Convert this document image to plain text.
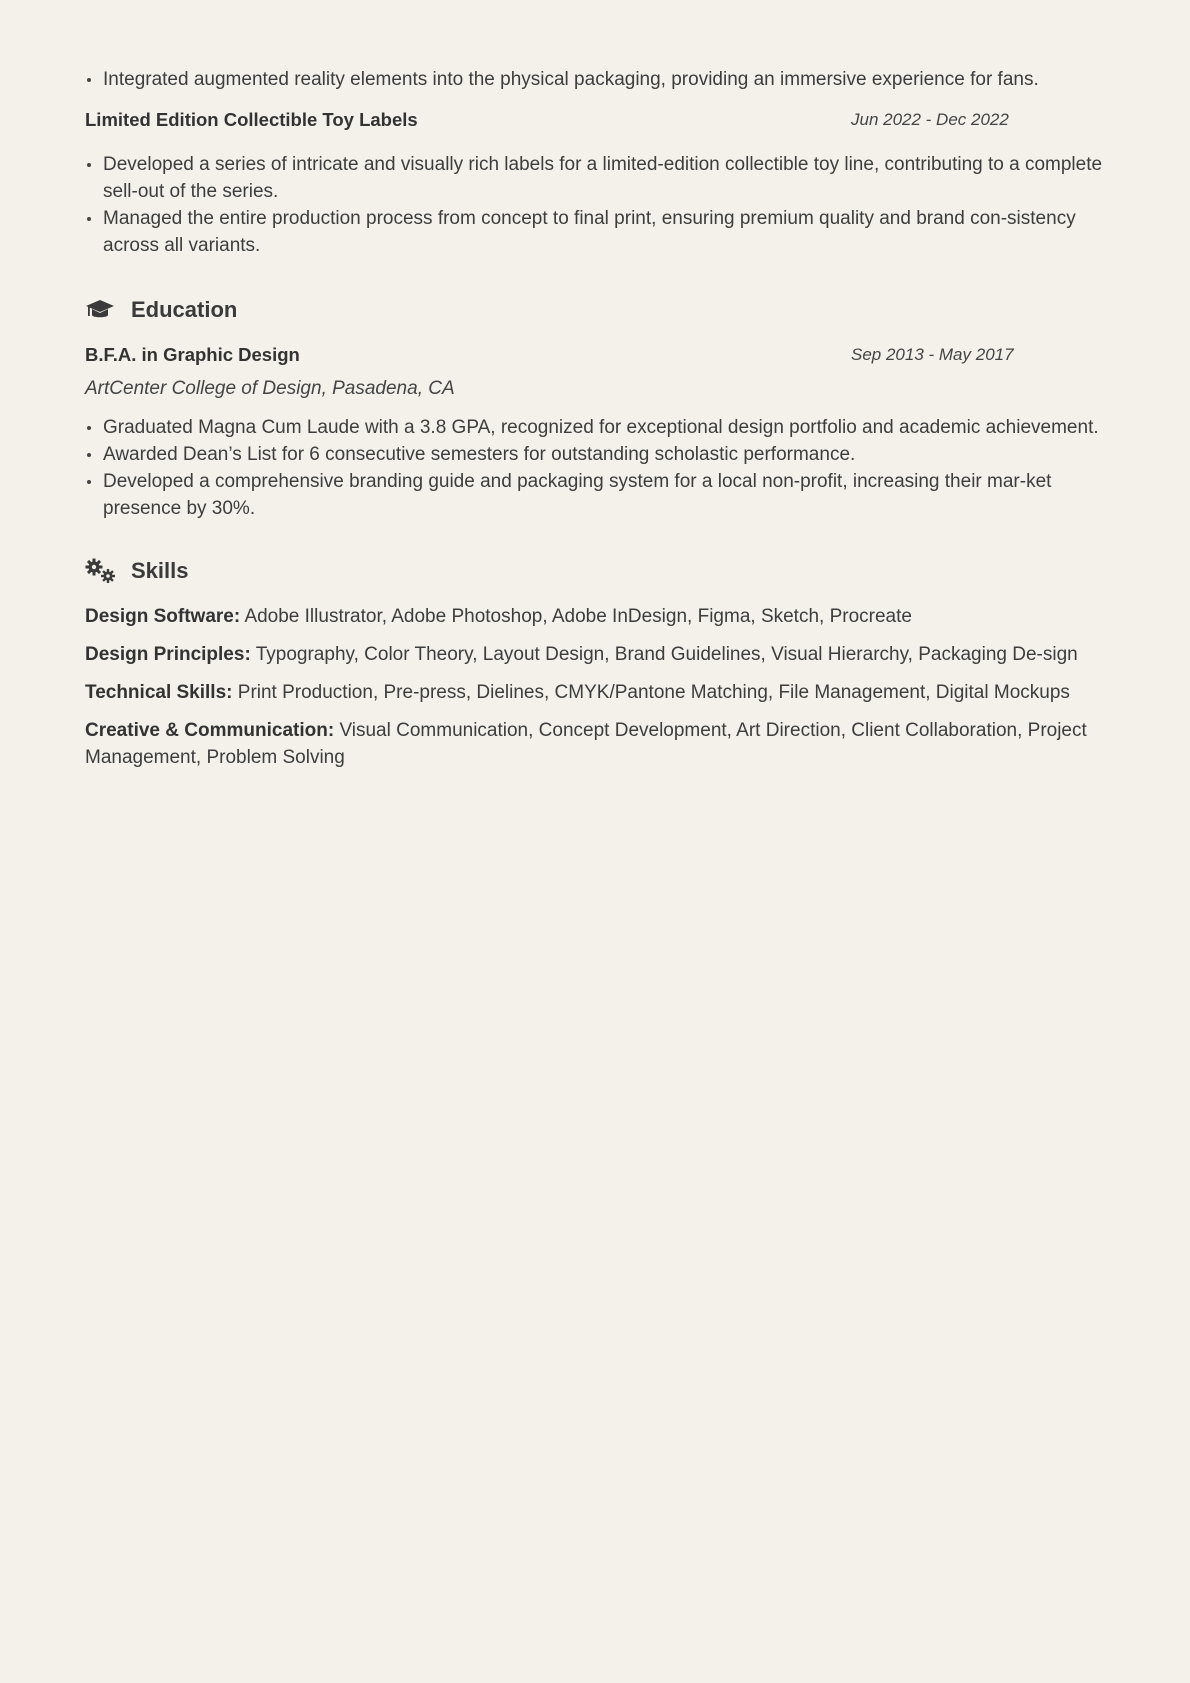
Integrated augmented reality elements into the physical packaging, providing an immersive experience for fans.
Limited Edition Collectible Toy Labels	Jun 2022 - Dec 2022
Developed a series of intricate and visually rich labels for a limited-edition collectible toy line, contributing to a complete sell-out of the series.
Managed the entire production process from concept to final print, ensuring premium quality and brand con-sistency across all variants.
Education
B.F.A. in Graphic Design	Sep 2013 - May 2017
ArtCenter College of Design, Pasadena, CA
Graduated Magna Cum Laude with a 3.8 GPA, recognized for exceptional design portfolio and academic achievement.
Awarded Dean’s List for 6 consecutive semesters for outstanding scholastic performance.
Developed a comprehensive branding guide and packaging system for a local non-profit, increasing their mar-ket presence by 30%.
Skills
Design Software: Adobe Illustrator, Adobe Photoshop, Adobe InDesign, Figma, Sketch, Procreate
Design Principles: Typography, Color Theory, Layout Design, Brand Guidelines, Visual Hierarchy, Packaging De-sign
Technical Skills: Print Production, Pre-press, Dielines, CMYK/Pantone Matching, File Management, Digital Mockups
Creative & Communication: Visual Communication, Concept Development, Art Direction, Client Collaboration, Project Management, Problem Solving
